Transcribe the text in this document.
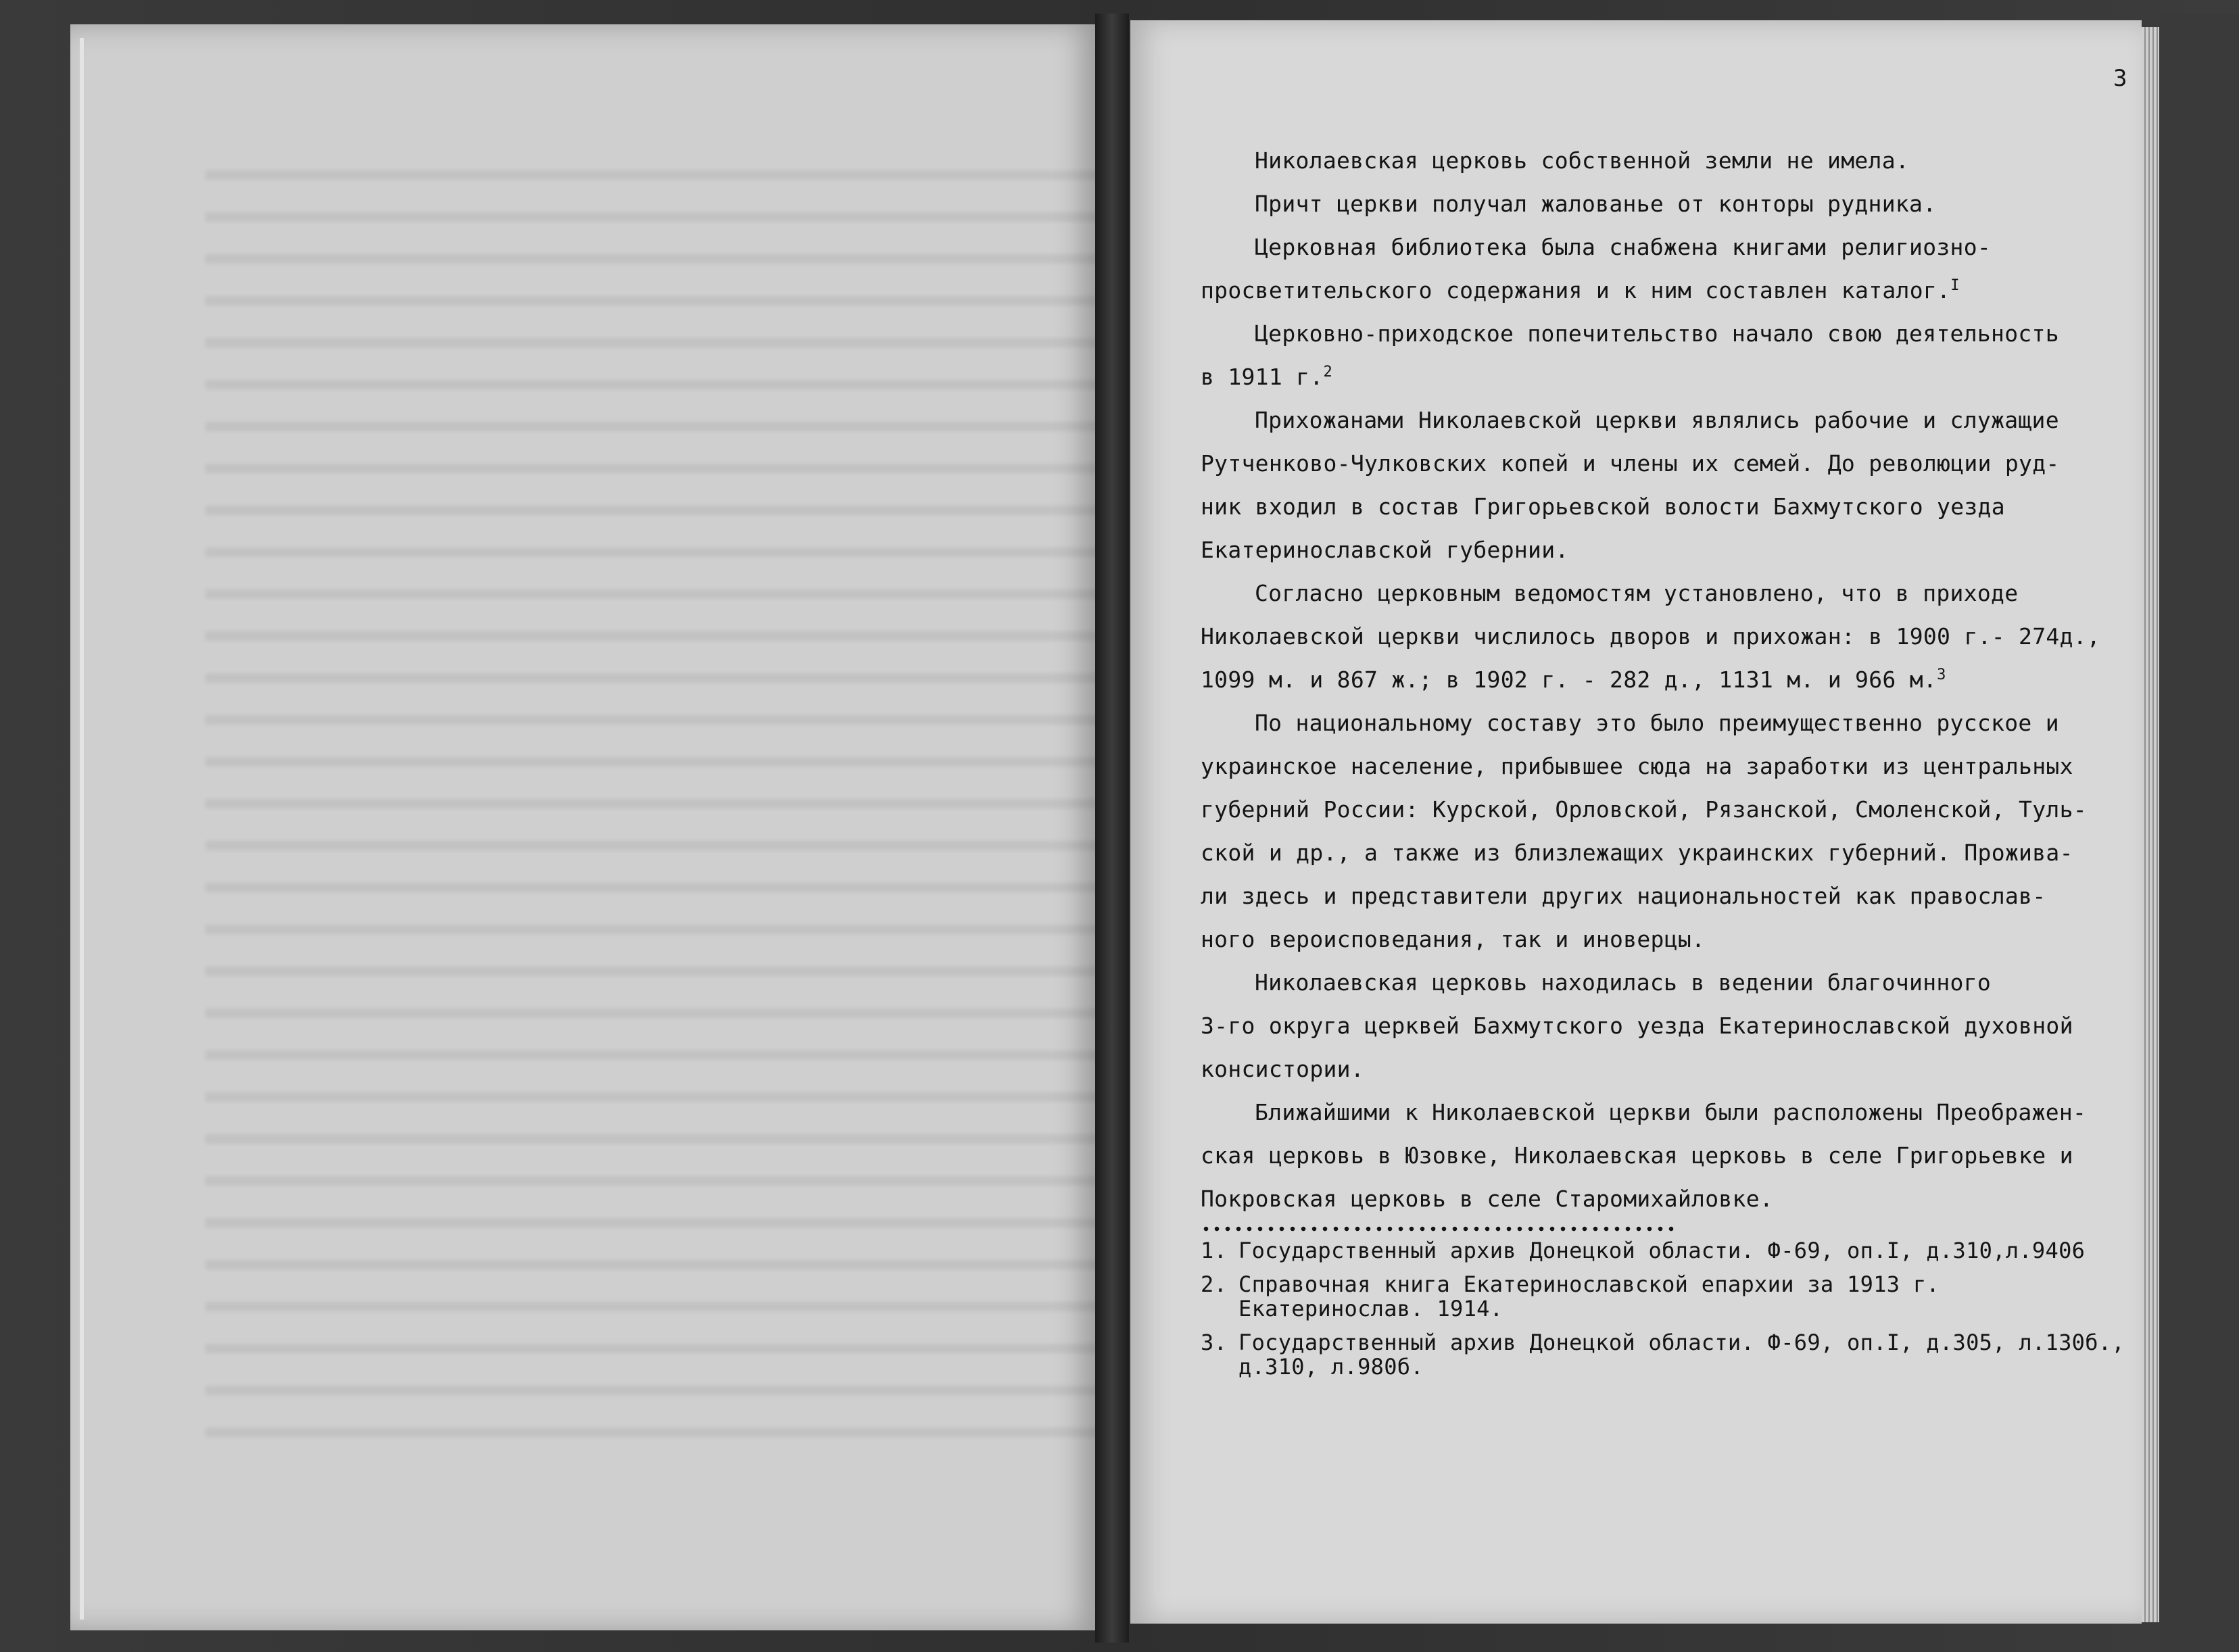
3
Николаевская церковь собственной земли не имела.
Причт церкви получал жалованье от конторы рудника.
Церковная библиотека была снабжена книгами религиозно-
просветительского содержания и к ним составлен каталог.$^I$
Церковно-приходское попечительство начало свою деятельность
в 1911 г.$^2$
Прихожанами Николаевской церкви являлись рабочие и служащие
Рутченково-Чулковских копей и члены их семей. До революции руд-
ник входил в состав Григорьевской волости Бахмутского уезда
Екатеринославской губернии.
Согласно церковным ведомостям установлено, что в приходе
Николаевской церкви числилось дворов и прихожан: в 1900 г.- 274д.,
1099 м. и 867 ж.; в 1902 г. - 282 д., 1131 м. и 966 м.$^3$
По национальному составу это было преимущественно русское и
украинское население, прибывшее сюда на заработки из центральных
губерний России: Курской, Орловской, Рязанской, Смоленской, Туль-
ской и др., а также из близлежащих украинских губерний. Прожива-
ли здесь и представители других национальностей как православ-
ного вероисповедания, так и иноверцы.
Николаевская церковь находилась в ведении благочинного
3-го округа церквей Бахмутского уезда Екатеринославской духовной
консистории.
Ближайшими к Николаевской церкви были расположены Преображен-
ская церковь в Юзовке, Николаевская церковь в селе Григорьевке и
Покровская церковь в селе Старомихайловке.
1. Государственный архив Донецкой области. Ф-69, оп.I, д.310,л.9406
2. Справочная книга Екатеринославской епархии за 1913 г. Екатеринослав. 1914.
3. Государственный архив Донецкой области. Ф-69, оп.I, д.305, л.130б., д.310, л.980б.
